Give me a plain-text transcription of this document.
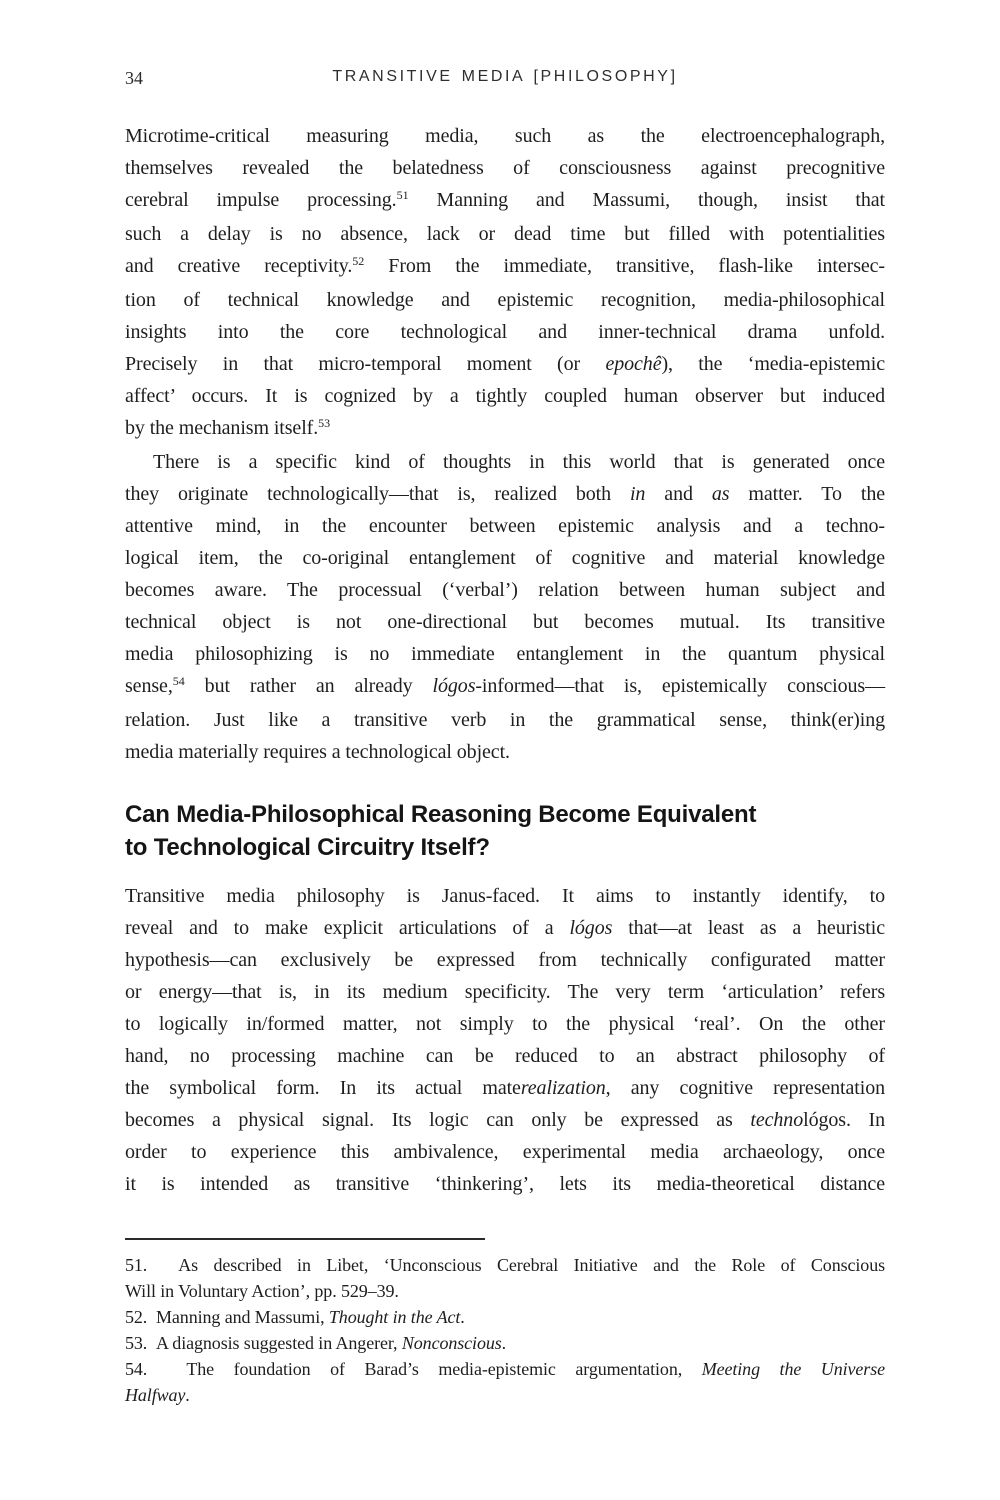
34	TRANSITIVE MEDIA [PHILOSOPHY]
Microtime-critical measuring media, such as the electroencephalograph,
themselves revealed the belatedness of consciousness against precognitive
cerebral impulse processing.$^{51}$ Manning and Massumi, though, insist that
such a delay is no absence, lack or dead time but filled with potentialities
and creative receptivity.$^{52}$ From the immediate, transitive, flash-like intersec-
tion of technical knowledge and epistemic recognition, media-philosophical
insights into the core technological and inner-technical drama unfold.
Precisely in that micro-temporal moment (or epochê), the ‘media-epistemic
affect’ occurs. It is cognized by a tightly coupled human observer but induced
by the mechanism itself.$^{53}$
There is a specific kind of thoughts in this world that is generated once
they originate technologically—that is, realized both in and as matter. To the
attentive mind, in the encounter between epistemic analysis and a techno-
logical item, the co-original entanglement of cognitive and material knowledge
becomes aware. The processual (‘verbal’) relation between human subject and
technical object is not one-directional but becomes mutual. Its transitive
media philosophizing is no immediate entanglement in the quantum physical
sense,$^{54}$ but rather an already lógos-informed—that is, epistemically conscious—
relation. Just like a transitive verb in the grammatical sense, think(er)ing
media materially requires a technological object.
Can Media-Philosophical Reasoning Become Equivalent
to Technological Circuitry Itself?
Transitive media philosophy is Janus-faced. It aims to instantly identify, to
reveal and to make explicit articulations of a lógos that—at least as a heuristic
hypothesis—can exclusively be expressed from technically configurated matter
or energy—that is, in its medium specificity. The very term ‘articulation’ refers
to logically in/formed matter, not simply to the physical ‘real’. On the other
hand, no processing machine can be reduced to an abstract philosophy of
the symbolical form. In its actual materealization, any cognitive representation
becomes a physical signal. Its logic can only be expressed as technológos. In
order to experience this ambivalence, experimental media archaeology, once
it is intended as transitive ‘thinkering’, lets its media-theoretical distance
51.  As described in Libet, ‘Unconscious Cerebral Initiative and the Role of Conscious
Will in Voluntary Action’, pp. 529–39.
52.  Manning and Massumi, Thought in the Act.
53.  A diagnosis suggested in Angerer, Nonconscious.
54.  The foundation of Barad’s media-epistemic argumentation, Meeting the Universe
Halfway.
